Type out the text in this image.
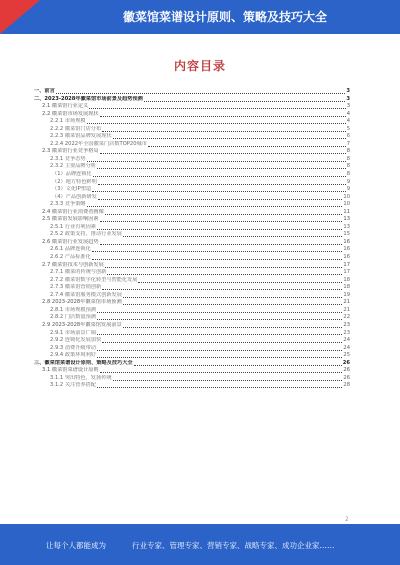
徽菜馆菜谱设计原则、策略及技巧大全
内容目录
一、前言	3
二、2023-2028年徽菜馆市场前景及趋势预测	3
2.1 徽菜馆行业定义	3
2.2 徽菜馆市场发展现状	4
2.2.1 市场规模	4
2.2.2 徽菜馆门店分布	5
2.2.3 徽菜馆品牌发展现状	6
2.2.4 2022年全国徽菜门店数TOP20城市	7
2.3 徽菜馆行业竞争格局	8
2.3.1 竞争态势	8
2.3.2 主要品牌分析	8
（1）品牌连锁化	8
（2）地方特色鲜明	9
（3）文化IP塑造	9
（4）产品创新研发	10
2.3.3 竞争策略	10
2.4 徽菜馆行业消费者画像	11
2.5 徽菜馆发展影响因素	13
2.5.1 行业有利因素	13
2.5.2 政策支持，推动行业发展	15
2.6 徽菜馆行业发展趋势	16
2.6.1 品牌连锁化	16
2.6.2 产品标准化	16
2.7 徽菜馆技术与创新发展	17
2.7.1 徽菜的传统与创新	17
2.7.2 徽菜馆数字化转型与智能化发展	18
2.7.3 徽菜馆营销创新	18
2.7.4 徽菜馆服务模式创新发展	19
2.8 2023-2028年徽菜馆市场预测	21
2.8.1 市场规模预测	21
2.8.2 门店数量预测	22
2.9 2023-2028年徽菜馆发展前景	23
2.9.1 市场前景广阔	23
2.9.2 连锁化发展加快	24
2.9.3 消费升级带动	24
2.9.4 政策环境利好	25
三、徽菜馆菜谱设计原则、策略及技巧大全	26
3.1 徽菜馆菜谱设计原则	26
3.1.1 突出特色，发扬传统	26
3.1.2 关注营养搭配	28
2
让每个人都能成为	行业专家、管理专家、营销专家、战略专家、成功企业家……
